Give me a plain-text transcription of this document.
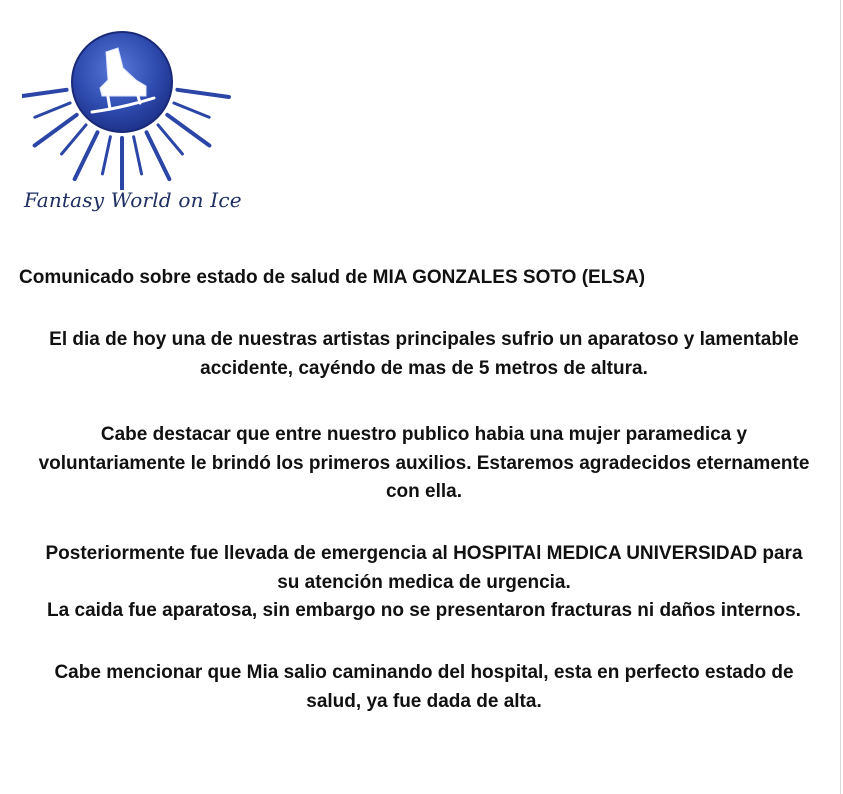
Fantasy World on Ice
Comunicado sobre estado de salud de MIA GONZALES SOTO (ELSA)
El dia de hoy una de nuestras artistas principales sufrio un aparatoso y lamentable
accidente, cayéndo de mas de 5 metros de altura.
Cabe destacar que entre nuestro publico habia una mujer paramedica y
voluntariamente le brindó los primeros auxilios. Estaremos agradecidos eternamente
con ella.
Posteriormente fue llevada de emergencia al HOSPITAl MEDICA UNIVERSIDAD para
su atención medica de urgencia.
La caida fue aparatosa, sin embargo no se presentaron fracturas ni daños internos.
Cabe mencionar que Mia salio caminando del hospital, esta en perfecto estado de
salud, ya fue dada de alta.
